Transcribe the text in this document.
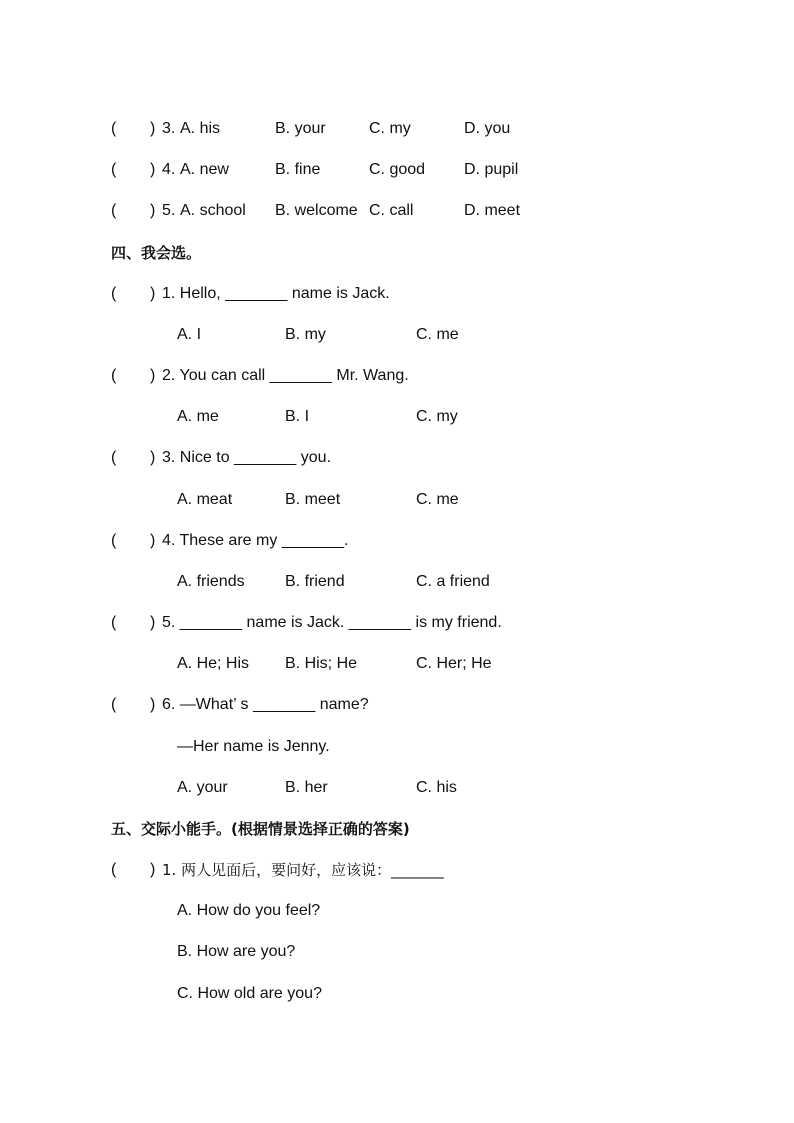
( ) 3. A. his	B. your	C. my	D. you
( ) 4. A. new	B. fine	C. good D. pupil
( ) 5. A. school B. welcome C. call	D. meet
四、我会选。
( ) 1. Hello, _______ name is Jack.
A. I	B. my	C. me
( ) 2. You can call _______ Mr. Wang.
A. me	B. I	C. my
( ) 3. Nice to _______ you.
A. meat	B. meet	C. me
( ) 4. These are my _______.
A. friends	B. friend	C. a friend
( ) 5. _______ name is Jack. _______ is my friend.
A. He; His B. His; He	C. Her; He
( ) 6. —What’ s _______ name?
—Her name is Jenny.
A. your	B. her	C. his
五、交际小能手。(根据情景选择正确的答案)
( ) 1. 两人见面后，要问好，应该说：_______
A. How do you feel?
B. How are you?
C. How old are you?
